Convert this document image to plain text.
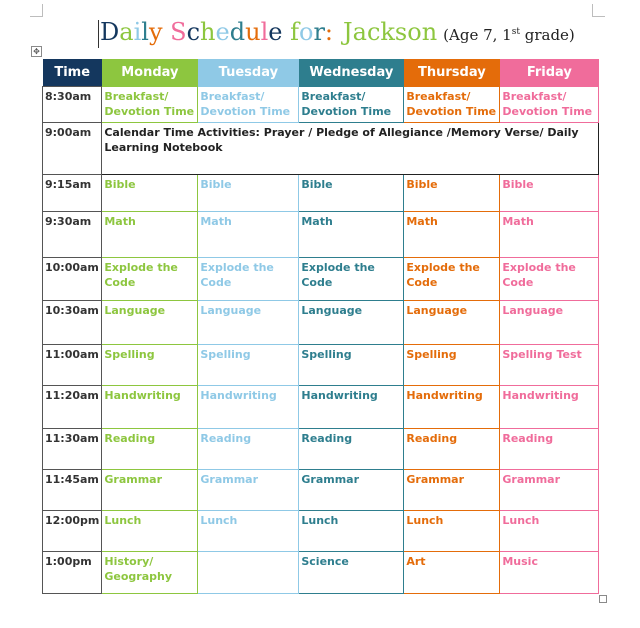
Daily Schedule for: Jackson (Age 7, 1st grade)
✥
Time	Monday	Tuesday	Wednesday	Thursday	Friday
8:30am	Breakfast/ Devotion Time	Breakfast/ Devotion Time	Breakfast/ Devotion Time	Breakfast/ Devotion Time	Breakfast/ Devotion Time
9:00am	Calendar Time Activities: Prayer / Pledge of Allegiance /Memory Verse/ Daily Learning Notebook				
9:15am	Bible	Bible	Bible	Bible	Bible
9:30am	Math	Math	Math	Math	Math
10:00am	Explode the Code	Explode the Code	Explode the Code	Explode the Code	Explode the Code
10:30am	Language	Language	Language	Language	Language
11:00am	Spelling	Spelling	Spelling	Spelling	Spelling Test
11:20am	Handwriting	Handwriting	Handwriting	Handwriting	Handwriting
11:30am	Reading	Reading	Reading	Reading	Reading
11:45am	Grammar	Grammar	Grammar	Grammar	Grammar
12:00pm	Lunch	Lunch	Lunch	Lunch	Lunch
1:00pm	History/ Geography		Science	Art	Music
